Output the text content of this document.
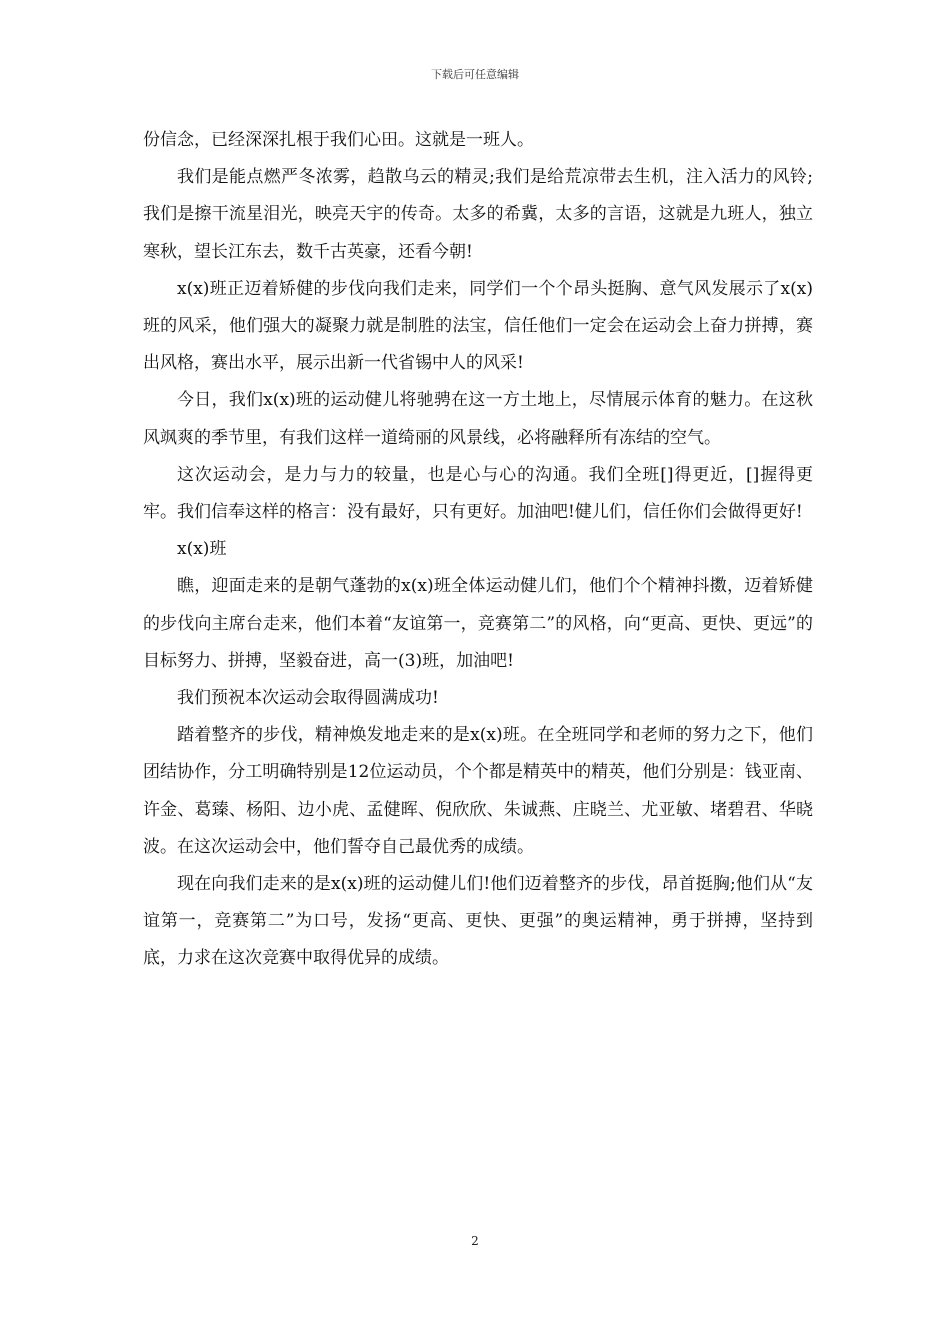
下载后可任意编辑

份信念，已经深深扎根于我们心田。这就是一班人。

我们是能点燃严冬浓雾，趋散乌云的精灵;我们是给荒凉带去生机，注入活力的风铃;我们是擦干流星泪光，映亮天宇的传奇。太多的希冀，太多的言语，这就是九班人，独立寒秋，望长江东去，数千古英豪，还看今朝!

x(x)班正迈着矫健的步伐向我们走来，同学们一个个昂头挺胸、意气风发展示了x(x)班的风采，他们强大的凝聚力就是制胜的法宝，信任他们一定会在运动会上奋力拼搏，赛出风格，赛出水平，展示出新一代省锡中人的风采!

今日，我们x(x)班的运动健儿将驰骋在这一方土地上，尽情展示体育的魅力。在这秋风飒爽的季节里，有我们这样一道绮丽的风景线，必将融释所有冻结的空气。

这次运动会，是力与力的较量，也是心与心的沟通。我们全班[]得更近，[]握得更牢。我们信奉这样的格言：没有最好，只有更好。加油吧!健儿们，信任你们会做得更好!

x(x)班

瞧，迎面走来的是朝气蓬勃的x(x)班全体运动健儿们，他们个个精神抖擞，迈着矫健的步伐向主席台走来，他们本着“友谊第一，竞赛第二”的风格，向“更高、更快、更远”的目标努力、拼搏，坚毅奋进，高一(3)班，加油吧!

我们预祝本次运动会取得圆满成功!

踏着整齐的步伐，精神焕发地走来的是x(x)班。在全班同学和老师的努力之下，他们团结协作，分工明确特别是12位运动员，个个都是精英中的精英，他们分别是：钱亚南、许金、葛臻、杨阳、边小虎、孟健晖、倪欣欣、朱诚燕、庄晓兰、尤亚敏、堵碧君、华晓波。在这次运动会中，他们誓夺自己最优秀的成绩。

现在向我们走来的是x(x)班的运动健儿们!他们迈着整齐的步伐，昂首挺胸;他们从“友谊第一，竞赛第二”为口号，发扬“更高、更快、更强”的奥运精神，勇于拼搏，坚持到底，力求在这次竞赛中取得优异的成绩。

2
